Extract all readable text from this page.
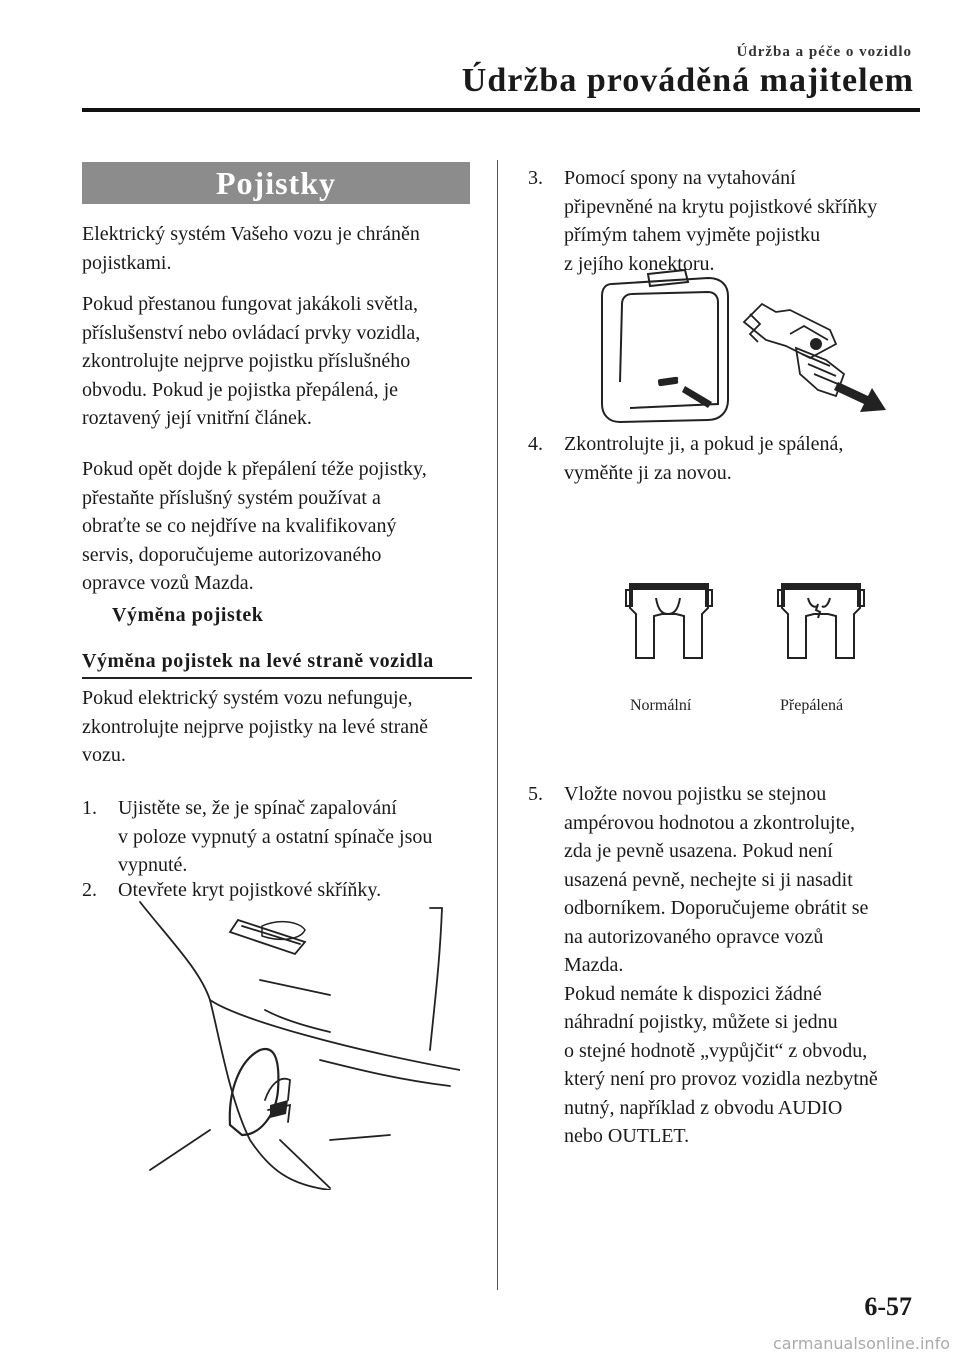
Údržba a péče o vozidlo
Údržba prováděná majitelem
Pojistky
Elektrický systém Vašeho vozu je chráněn
pojistkami.
Pokud přestanou fungovat jakákoli světla,
příslušenství nebo ovládací prvky vozidla,
zkontrolujte nejprve pojistku příslušného
obvodu. Pokud je pojistka přepálená, je
roztavený její vnitřní článek.
Pokud opět dojde k přepálení téže pojistky,
přestaňte příslušný systém používat a
obraťte se co nejdříve na kvalifikovaný
servis, doporučujeme autorizovaného
opravce vozů Mazda.
Výměna pojistek
Výměna pojistek na levé straně vozidla
Pokud elektrický systém vozu nefunguje,
zkontrolujte nejprve pojistky na levé straně
vozu.
1. Ujistěte se, že je spínač zapalování
v poloze vypnutý a ostatní spínače jsou
vypnuté.
2. Otevřete kryt pojistkové skříňky.
3. Pomocí spony na vytahování
připevněné na krytu pojistkové skříňky
přímým tahem vyjměte pojistku
z jejího konektoru.
4. Zkontrolujte ji, a pokud je spálená,
vyměňte ji za novou.
Normální	Přepálená
5. Vložte novou pojistku se stejnou
ampérovou hodnotou a zkontrolujte,
zda je pevně usazena. Pokud není
usazená pevně, nechejte si ji nasadit
odborníkem. Doporučujeme obrátit se
na autorizovaného opravce vozů
Mazda.
Pokud nemáte k dispozici žádné
náhradní pojistky, můžete si jednu
o stejné hodnotě „vypůjčit“ z obvodu,
který není pro provoz vozidla nezbytně
nutný, například z obvodu AUDIO
nebo OUTLET.
6-57
carmanualsonline.info
